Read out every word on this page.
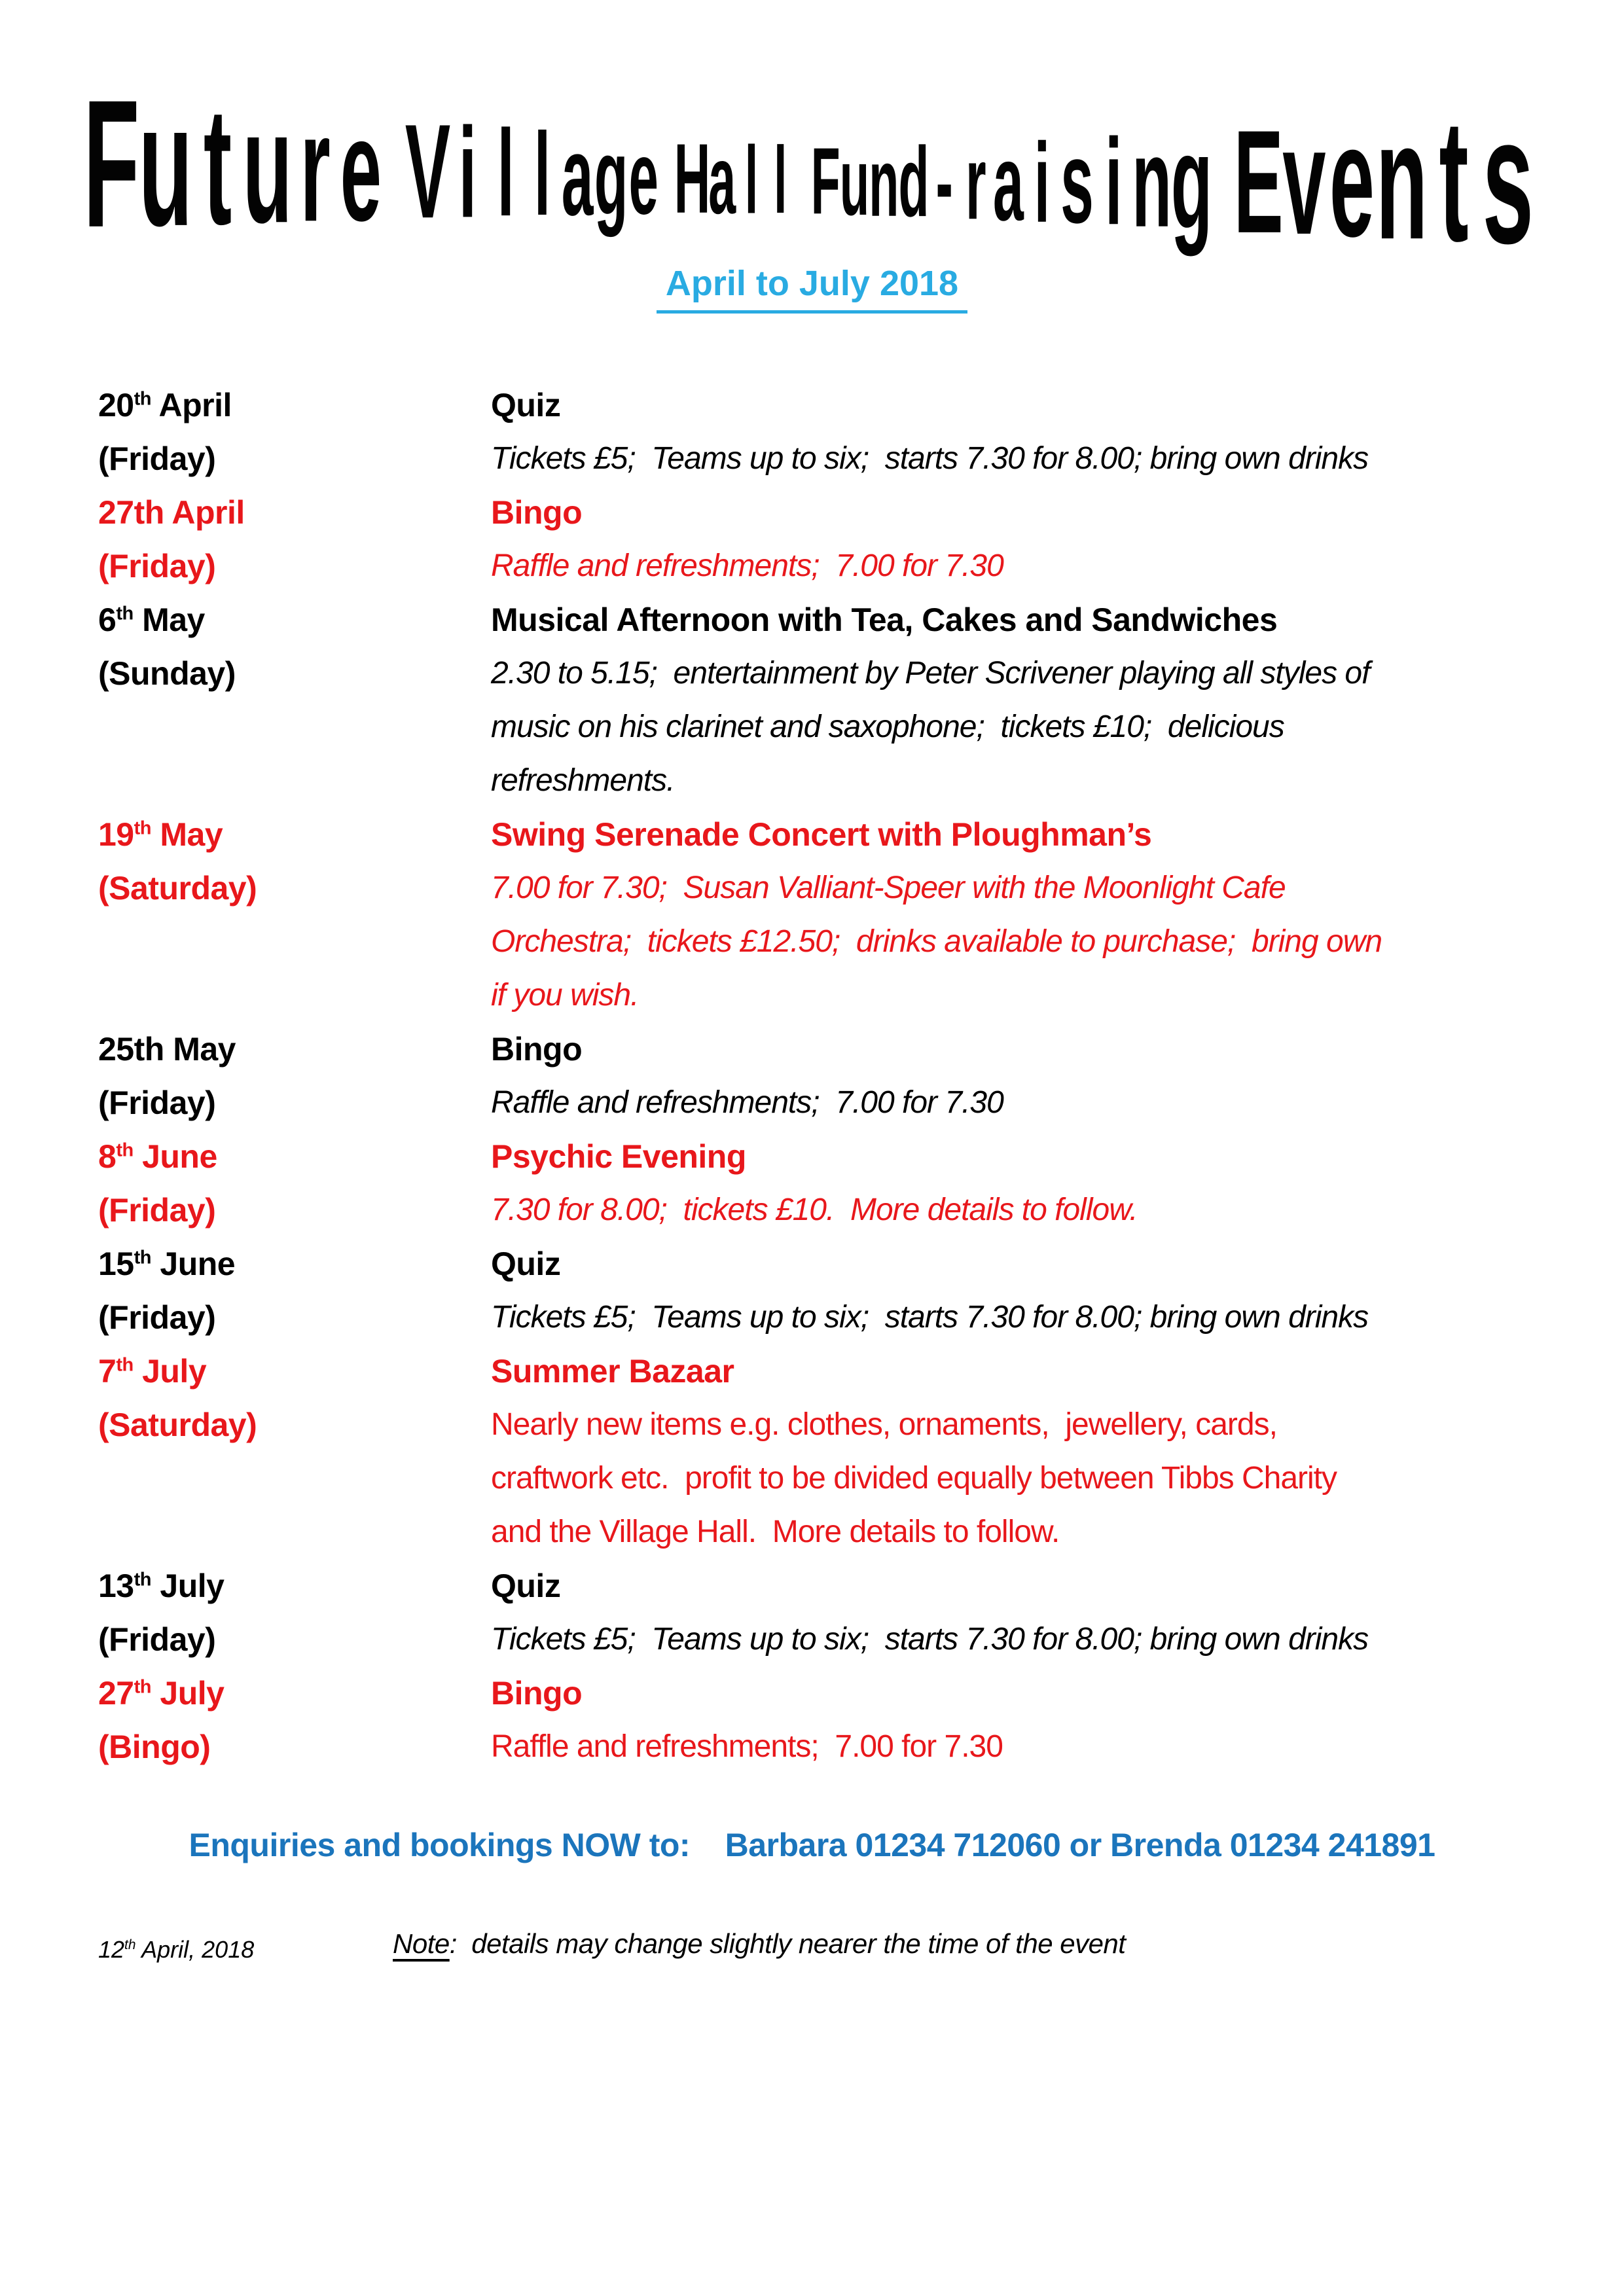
F
u t u r e V i l l a g e H
a l l F u n d - r a i s i n
g E
v e n t s
April to July 2018
20th April	Quiz
(Friday)	Tickets £5;  Teams up to six;  starts 7.30 for 8.00; bring own drinks
27th April	Bingo
(Friday)	Raffle and refreshments;  7.00 for 7.30
6th May	Musical Afternoon with Tea, Cakes and Sandwiches
(Sunday)	2.30 to 5.15;  entertainment by Peter Scrivener playing all styles of
music on his clarinet and saxophone;  tickets £10;  delicious
refreshments.
19th May	Swing Serenade Concert with Ploughman’s
(Saturday)	7.00 for 7.30;  Susan Valliant-Speer with the Moonlight Cafe
Orchestra;  tickets £12.50;  drinks available to purchase;  bring own
if you wish.
25th May	Bingo
(Friday)	Raffle and refreshments;  7.00 for 7.30
8th June	Psychic Evening
(Friday)	7.30 for 8.00;  tickets £10.  More details to follow.
15th June	Quiz
(Friday)	Tickets £5;  Teams up to six;  starts 7.30 for 8.00; bring own drinks
7th July	Summer Bazaar
(Saturday)	Nearly new items e.g. clothes, ornaments,  jewellery, cards,
craftwork etc.  profit to be divided equally between Tibbs Charity
and the Village Hall.  More details to follow.
13th July	Quiz
(Friday)	Tickets £5;  Teams up to six;  starts 7.30 for 8.00; bring own drinks
27th July	Bingo
(Bingo)	Raffle and refreshments;  7.00 for 7.30
Enquiries and bookings NOW to:    Barbara 01234 712060 or Brenda 01234 241891
12th April, 2018	Note:  details may change slightly nearer the time of the event
